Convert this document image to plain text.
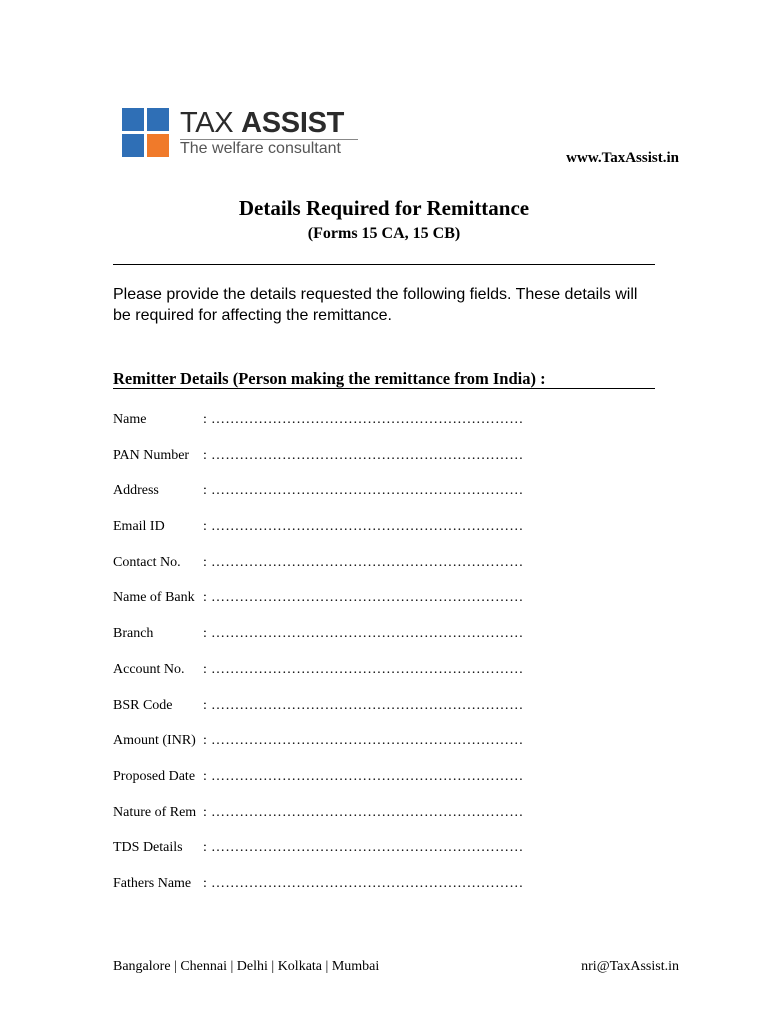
TAX ASSIST
The welfare consultant
www.TaxAssist.in
Details Required for Remittance
(Forms 15 CA, 15 CB)
Please provide the details requested the following fields. These details will be required for affecting the remittance.
Remitter Details (Person making the remittance from India) :
Name	: …………………………………………………………
PAN Number : …………………………………………………………
Address	: …………………………………………………………
Email ID	: …………………………………………………………
Contact No. : …………………………………………………………
Name of Bank : …………………………………………………………
Branch	: …………………………………………………………
Account No. : …………………………………………………………
BSR Code : …………………………………………………………
Amount (INR) : …………………………………………………………
Proposed Date : …………………………………………………………
Nature of Rem : …………………………………………………………
TDS Details : …………………………………………………………
Fathers Name : …………………………………………………………
Bangalore | Chennai | Delhi | Kolkata | Mumbai	nri@TaxAssist.in
